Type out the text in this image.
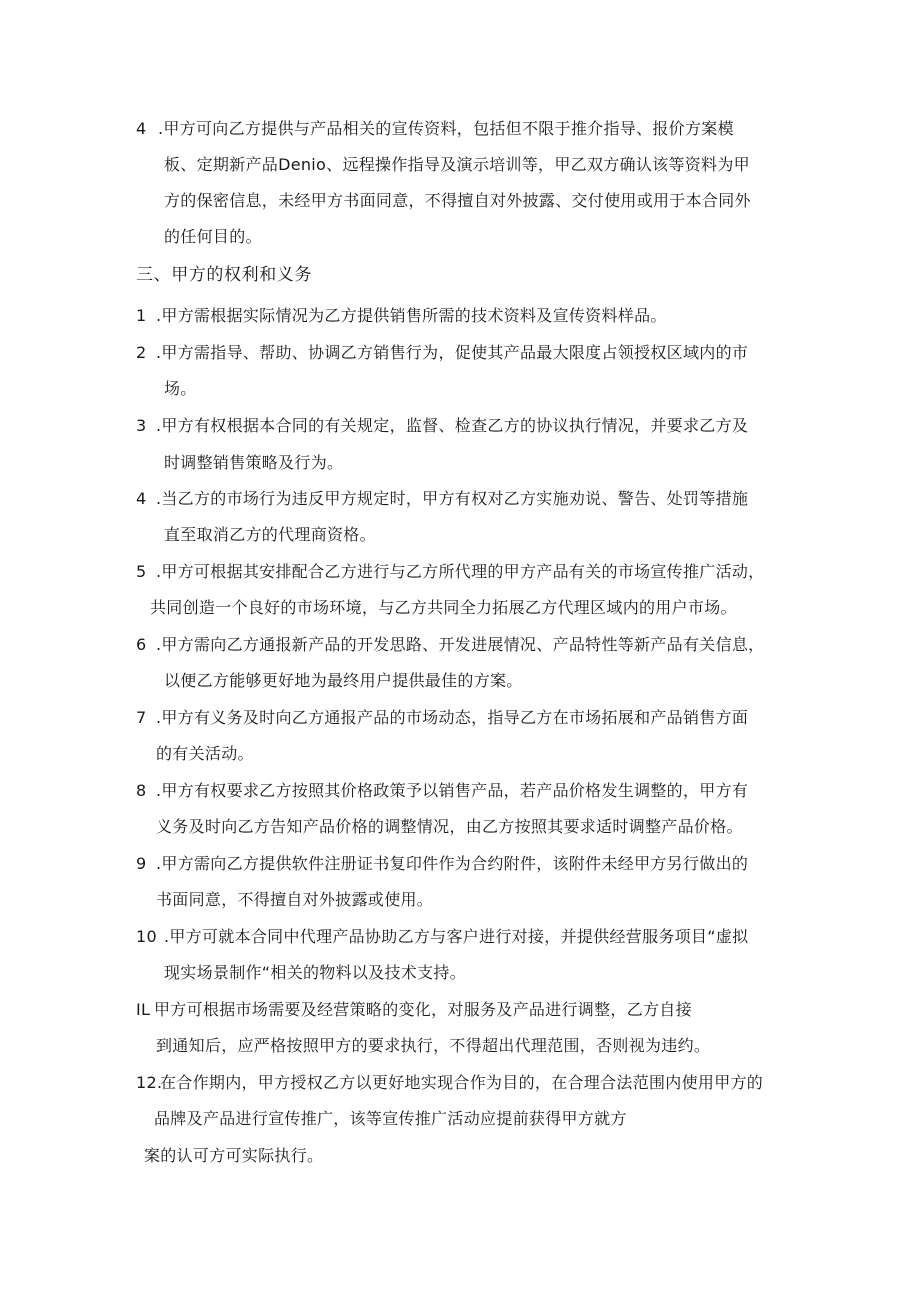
4 .甲方可向乙方提供与产品相关的宣传资料，包括但不限于推介指导、报价方案模
板、定期新产品Denio、远程操作指导及演示培训等，甲乙双方确认该等资料为甲
方的保密信息，未经甲方书面同意，不得擅自对外披露、交付使用或用于本合同外
的任何目的。
三、甲方的权利和义务
1 .甲方需根据实际情况为乙方提供销售所需的技术资料及宣传资料样品。
2 .甲方需指导、帮助、协调乙方销售行为，促使其产品最大限度占领授权区域内的市
场。
3 .甲方有权根据本合同的有关规定，监督、检查乙方的协议执行情况，并要求乙方及
时调整销售策略及行为。
4 .当乙方的市场行为违反甲方规定时，甲方有权对乙方实施劝说、警告、处罚等措施
直至取消乙方的代理商资格。
5 .甲方可根据其安排配合乙方进行与乙方所代理的甲方产品有关的市场宣传推广活动，
共同创造一个良好的市场环境，与乙方共同全力拓展乙方代理区域内的用户市场。
6 .甲方需向乙方通报新产品的开发思路、开发进展情况、产品特性等新产品有关信息，
以便乙方能够更好地为最终用户提供最佳的方案。
7 .甲方有义务及时向乙方通报产品的市场动态，指导乙方在市场拓展和产品销售方面
的有关活动。
8 .甲方有权要求乙方按照其价格政策予以销售产品，若产品价格发生调整的，甲方有
义务及时向乙方告知产品价格的调整情况，由乙方按照其要求适时调整产品价格。
9 .甲方需向乙方提供软件注册证书复印件作为合约附件，该附件未经甲方另行做出的
书面同意，不得擅自对外披露或使用。
10 .甲方可就本合同中代理产品协助乙方与客户进行对接，并提供经营服务项目“虚拟
现实场景制作“相关的物料以及技术支持。
IL 甲方可根据市场需要及经营策略的变化，对服务及产品进行调整，乙方自接
到通知后，应严格按照甲方的要求执行，不得超出代理范围，否则视为违约。
12.
在合作期内，甲方授权乙方以更好地实现合作为目的，在合理合法范围内使用甲方的
品牌及产品进行宣传推广，该等宣传推广活动应提前获得甲方就方
案的认可方可实际执行。
